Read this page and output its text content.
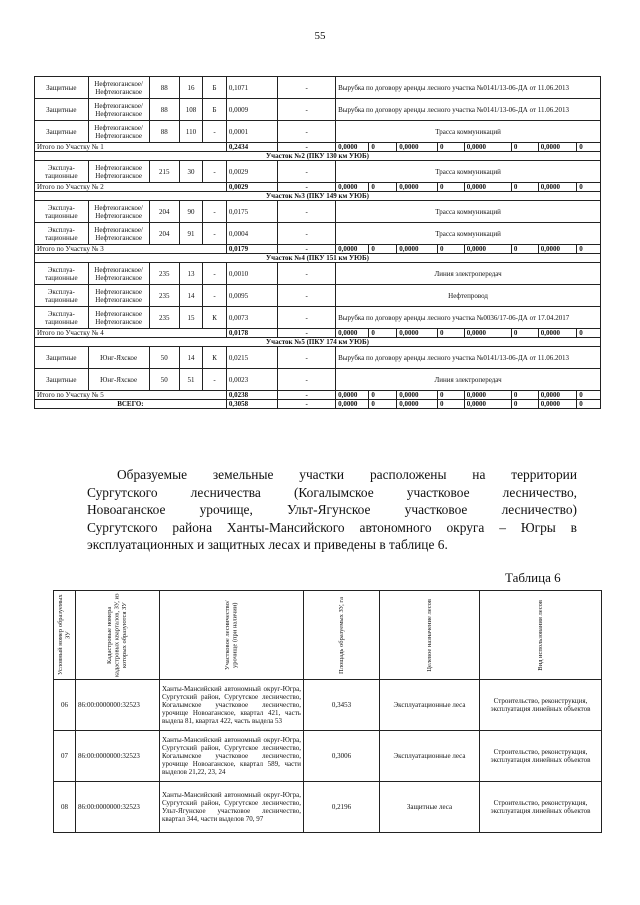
55
Защитные	Нефтеюганское/ Нефтеюганское	88	16	Б	0,1071	-	Вырубка по договору аренды лесного участка №0141/13-06-ДА от 11.06.2013							
Защитные	Нефтеюганское/ Нефтеюганское	88	108	Б	0,0009	-	Вырубка по договору аренды лесного участка №0141/13-06-ДА от 11.06.2013							
Защитные	Нефтеюганское/ Нефтеюганское	88	110	-	0,0001	-	Трасса коммуникаций							
Итого по Участку № 1					0,2434	-	0,0000	0	0,0000	0	0,0000	0	0,0000	0
Участок №2 (ПКУ 130 км УЮБ)														
Эксплуа-тационные	Нефтеюганское Нефтеюганское	215	30	-	0,0029	-	Трасса коммуникаций							
Итого по Участку № 2					0,0029	-	0,0000	0	0,0000	0	0,0000	0	0,0000	0
Участок №3 (ПКУ 149 км УЮБ)														
Эксплуа-тационные	Нефтеюганское/ Нефтеюганское	204	90	-	0,0175	-	Трасса коммуникаций							
Эксплуа-тационные	Нефтеюганское/ Нефтеюганское	204	91	-	0,0004	-	Трасса коммуникаций							
Итого по Участку № 3					0,0179	-	0,0000	0	0,0000	0	0,0000	0	0,0000	0
Участок №4 (ПКУ 151 км УЮБ)														
Эксплуа-тационные	Нефтеюганское/ Нефтеюганское	235	13	-	0,0010	-	Линия электропередач							
Эксплуа-тационные	Нефтеюганское Нефтеюганское	235	14	-	0,0095	-	Нефтепровод							
Эксплуа-тационные	Нефтеюганское Нефтеюганское	235	15	К	0,0073	-	Вырубка по договору аренды лесного участка №0036/17-06-ДА от 17.04.2017							
Итого по Участку № 4					0,0178	-	0,0000	0	0,0000	0	0,0000	0	0,0000	0
Участок №5 (ПКУ 174 км УЮБ)														
Защитные	Юнг-Яхское	50	14	К	0,0215	-	Вырубка по договору аренды лесного участка №0141/13-06-ДА от 11.06.2013							
Защитные	Юнг-Яхское	50	51	-	0,0023	-	Линия электропередач							
Итого по Участку № 5					0,0238	-	0,0000	0	0,0000	0	0,0000	0	0,0000	0
ВСЕГО:					0,3058	-	0,0000	0	0,0000	0	0,0000	0	0,0000	0
Образуемые земельные участки расположены на территории
Сургутского лесничества (Когалымское участковое лесничество,
Новоаганское урочище, Ульт-Ягунское участковое лесничество)
Сургутского района Ханты-Мансийского автономного округа – Югры в
эксплуатационных и защитных лесах и приведены в таблице 6.
Таблица 6
Условный номер образуемых ЗУ	Кадастровые номера кадастровых кварталов, ЗУ, из которых образуются ЗУ	Участковое лесничество/урочище (при наличии)	Площадь образуемых ЗУ, га	Целевое назначение лесов	Вид использования лесов

06	86:00:0000000:32523	Ханты-Мансийский автономный округ-Югра, Сургутский район, Сургутское лесничество, Когалымское участковое лесничество, урочище Новоаганское, квартал 421, часть выдела 81, квартал 422, часть выдела 53	0,3453	Эксплуатационные леса	Строительство, реконструкция, эксплуатация линейных объектов
07	86:00:0000000:32523	Ханты-Мансийский автономный округ-Югра, Сургутский район, Сургутское лесничество, Когалымское участковое лесничество, урочище Новоаганское, квартал 589, части выделов 21,22, 23, 24	0,3006	Эксплуатационные леса	Строительство, реконструкция, эксплуатация линейных объектов
08	86:00:0000000:32523	Ханты-Мансийский автономный округ-Югра, Сургутский район, Сургутское лесничество, Ульт-Ягунское участковое лесничество, квартал 344, части выделов 70, 97	0,2196	Защитные леса	Строительство, реконструкция, эксплуатация линейных объектов
